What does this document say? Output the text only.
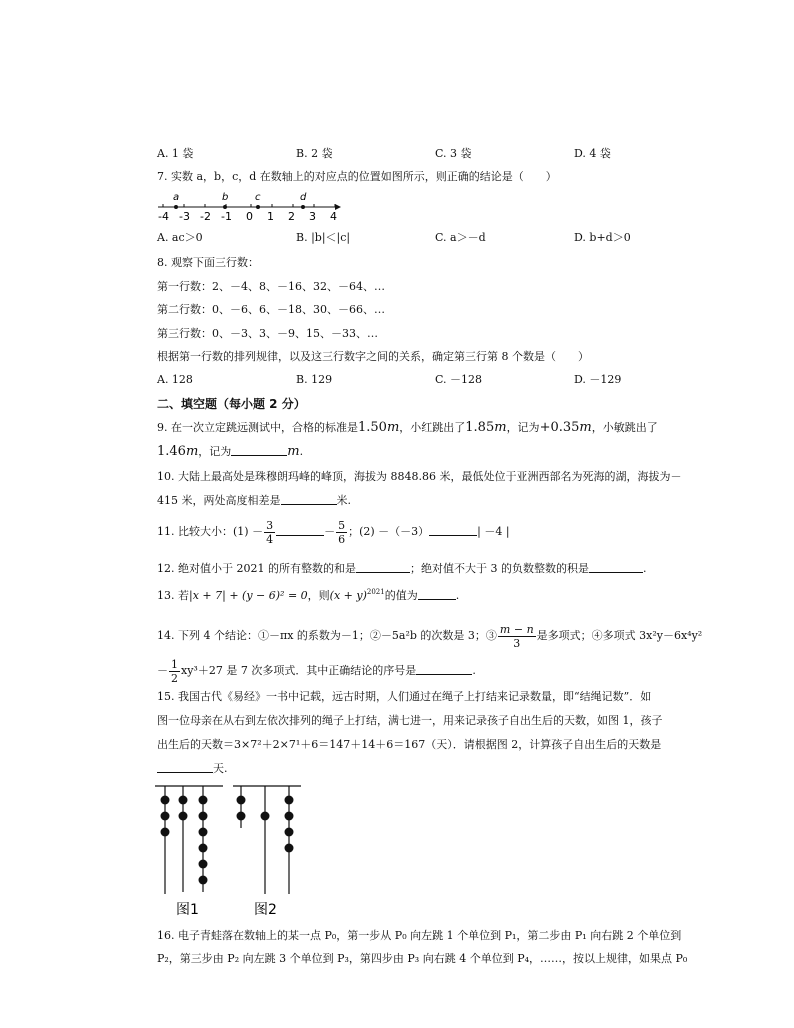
A. 1 袋	B. 2 袋	C. 3 袋	D. 4 袋
7. 实数 a，b，c，d 在数轴上的对应点的位置如图所示，则正确的结论是（　　）
a	b	c	d
-4 -3 -2 -1 0 1 2 3 4
A. ac＞0	B. |b|＜|c|	C. a＞－d	D. b+d＞0
8. 观察下面三行数：
第一行数：2、－4、8、－16、32、－64、…
第二行数：0、－6、6、－18、30、－66、…
第三行数：0、－3、3、－9、15、－33、…
根据第一行数的排列规律，以及这三行数字之间的关系，确定第三行第 8 个数是（　　）
A. 128	B. 129	C. －128	D. －129
二、填空题（每小题 2 分）
9. 在一次立定跳远测试中，合格的标准是1.50m，小红跳出了1.85m，记为+0.35m，小敏跳出了
1.46m，记为	m.
10. 大陆上最高处是珠穆朗玛峰的峰顶，海拔为 8848.86 米，最低处位于亚洲西部名为死海的湖，海拔为－
415 米，两处高度相差是	米.
11. 比较大小：$(1) - \frac{3}{4}$	－ $\frac{5}{6}$ ；(2) －（－3）	| －4 |
12. 绝对值小于 2021 的所有整数的和是	；绝对值不大于 3 的负数整数的积是	.
13. 若|x + 7| + (y − 6)² = 0，则$(x + y)^{2021}$的值为	.
14. 下列 4 个结论：①－πx 的系数为－1；②－5a²b 的次数是 3；③ $\frac{m - n}{3}$ 是多项式；④多项式 3x²y－6x⁴y²
－ $\frac{1}{2} xy^3+27$ 是 7 次多项式．其中正确结论的序号是	.
15. 我国古代《易经》一书中记载，远古时期，人们通过在绳子上打结来记录数量，即“结绳记数”．如
图一位母亲在从右到左依次排列的绳子上打结，满七进一，用来记录孩子自出生后的天数，如图 1，孩子
出生后的天数＝3×7²＋2×7¹＋6＝147＋14＋6＝167（天）．请根据图 2，计算孩子自出生后的天数是
天.
图1	图2
16. 电子青蛙落在数轴上的某一点 P₀，第一步从 P₀ 向左跳 1 个单位到 P₁，第二步由 P₁ 向右跳 2 个单位到
P₂，第三步由 P₂ 向左跳 3 个单位到 P₃，第四步由 P₃ 向右跳 4 个单位到 P₄，……，按以上规律，如果点 P₀
